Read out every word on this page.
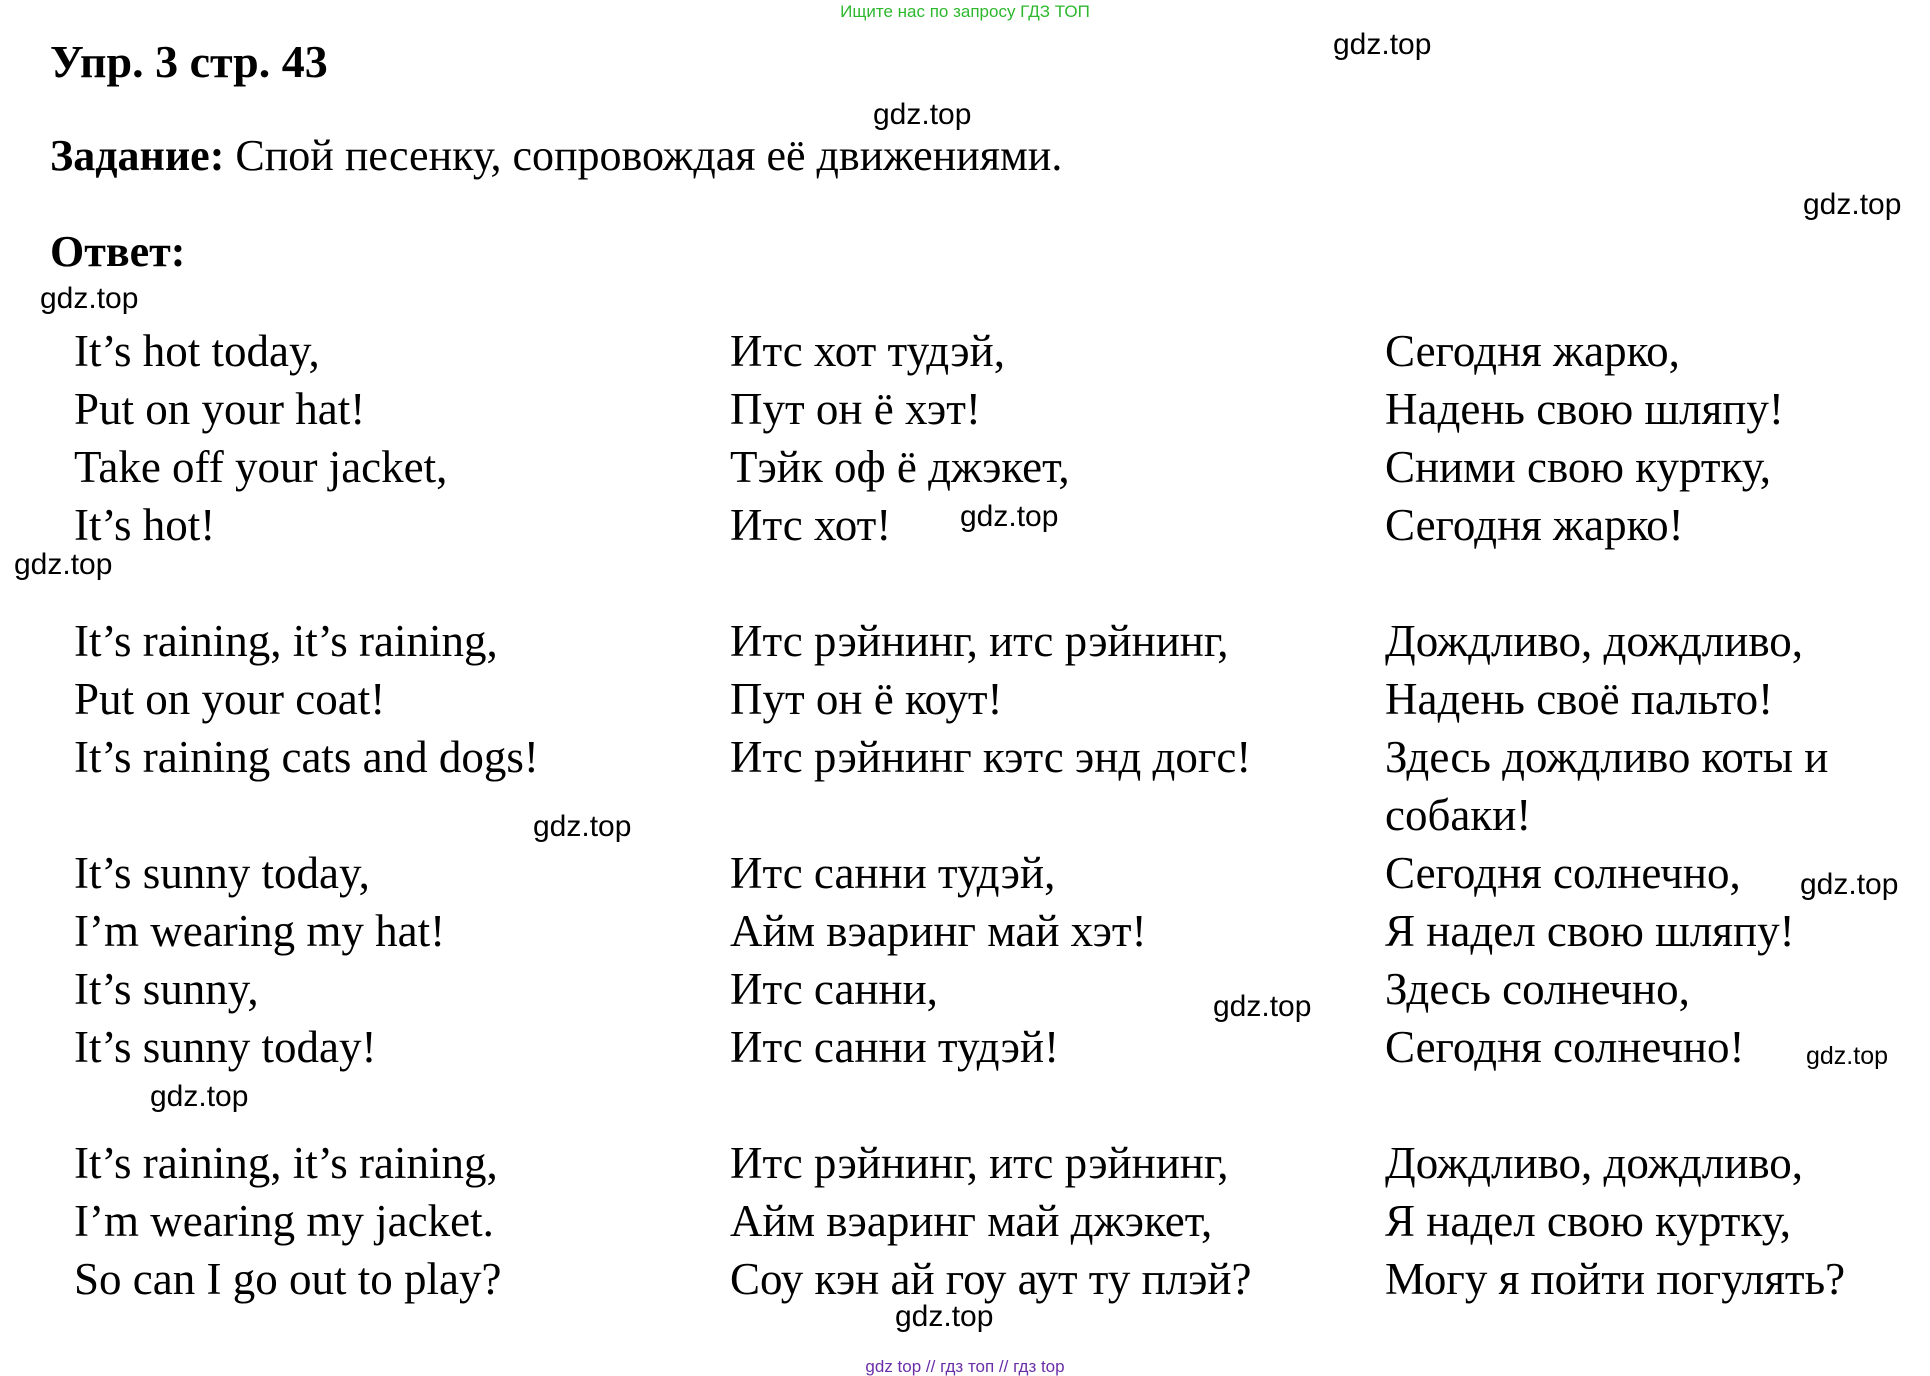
Ищите нас по запросу ГДЗ ТОП
Упр. 3 стр. 43
Задание: Спой песенку, сопровождая её движениями.
Ответ:
It’s hot today,
Put on your hat!
Take off your jacket,
It’s hot!
Итс хот тудэй,
Пут он ё хэт!
Тэйк оф ё джэкет,
Итс хот!
Сегодня жарко,
Надень свою шляпу!
Сними свою куртку,
Сегодня жарко!
It’s raining, it’s raining,
Put on your coat!
It’s raining cats and dogs!
Итс рэйнинг, итс рэйнинг,
Пут он ё коут!
Итс рэйнинг кэтс энд догс!
Дождливо, дождливо,
Надень своё пальто!
Здесь дождливо коты и
собаки!
It’s sunny today,
I’m wearing my hat!
It’s sunny,
It’s sunny today!
Итс санни тудэй,
Айм вэаринг май хэт!
Итс санни,
Итс санни тудэй!
Сегодня солнечно,
Я надел свою шляпу!
Здесь солнечно,
Сегодня солнечно!
It’s raining, it’s raining,
I’m wearing my jacket.
So can I go out to play?
Итс рэйнинг, итс рэйнинг,
Айм вэаринг май джэкет,
Соу кэн ай гоу аут ту плэй?
Дождливо, дождливо,
Я надел свою куртку,
Могу я пойти погулять?
gdz.top
gdz.top
gdz.top
gdz.top
gdz.top
gdz.top
gdz.top
gdz.top
gdz.top
gdz.top
gdz.top
gdz.top
gdz top // гдз топ // гдз top
